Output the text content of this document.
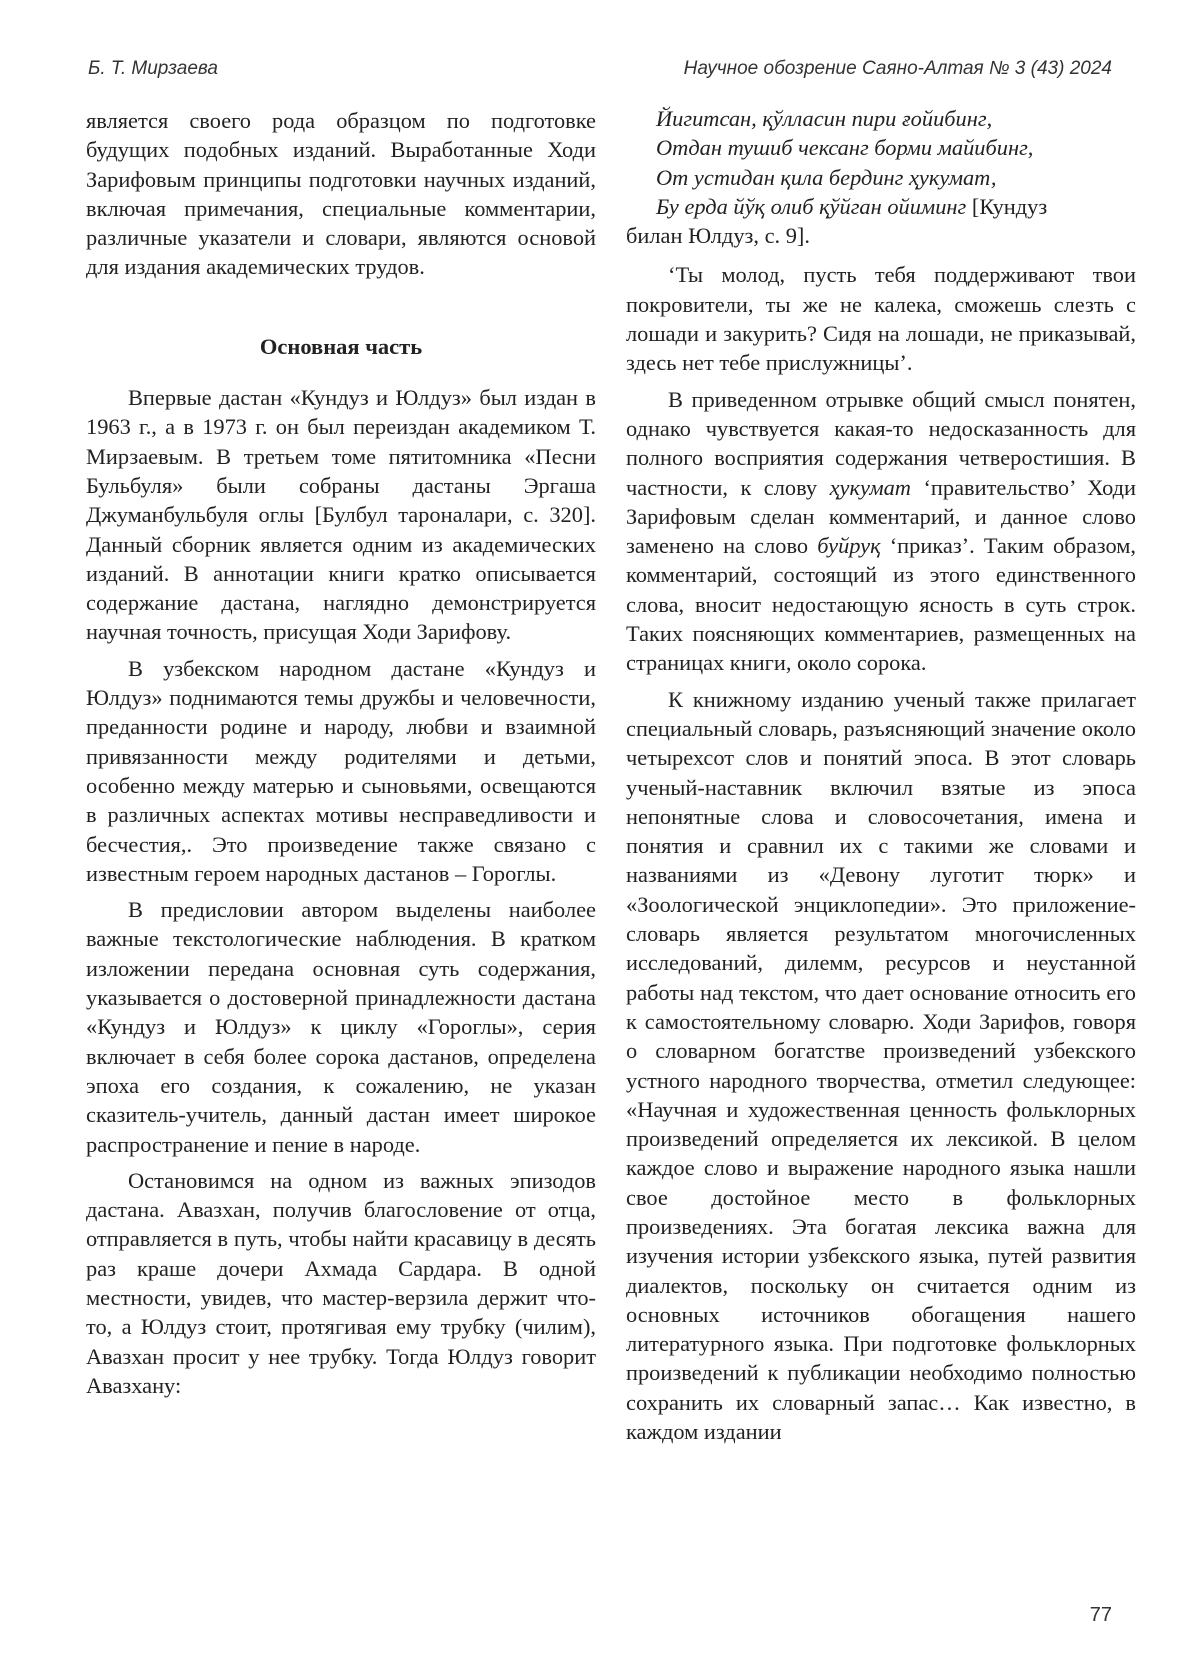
Б. Т. Мирзаева	Научное обозрение Саяно-Алтая № 3 (43) 2024

является своего рода образцом по подготовке будущих подобных изданий. Выработанные Ходи Зарифовым принципы подготовки научных изданий, включая примечания, специальные комментарии, различные указатели и словари, являются основой для издания академических трудов.

Основная часть

Впервые дастан «Кундуз и Юлдуз» был издан в 1963 г., а в 1973 г. он был переиздан академиком Т. Мирзаевым. В третьем томе пятитомника «Песни Бульбуля» были собраны дастаны Эргаша Джуманбульбуля оглы [Булбул тароналари, с. 320]. Данный сборник является одним из академических изданий. В аннотации книги кратко описывается содержание дастана, наглядно демонстрируется научная точность, присущая Ходи Зарифову.

В узбекском народном дастане «Кундуз и Юлдуз» поднимаются темы дружбы и человечности, преданности родине и народу, любви и взаимной привязанности между родителями и детьми, особенно между матерью и сыновьями, освещаются в различных аспектах мотивы несправедливости и бесчестия,. Это произведение также связано с известным героем народных дастанов – Гороглы.

В предисловии автором выделены наиболее важные текстологические наблюдения. В кратком изложении передана основная суть содержания, указывается о достоверной принадлежности дастана «Кундуз и Юлдуз» к циклу «Гороглы», серия включает в себя более сорока дастанов, определена эпоха его создания, к сожалению, не указан сказитель-учитель, данный дастан имеет широкое распространение и пение в народе.

Остановимся на одном из важных эпизодов дастана. Авазхан, получив благословение от отца, отправляется в путь, чтобы найти красавицу в десять раз краше дочери Ахмада Сардара. В одной местности, увидев, что мастер-верзила держит что-то, а Юлдуз стоит, протягивая ему трубку (чилим), Авазхан просит у нее трубку. Тогда Юлдуз говорит Авазхану:

Йигитсан, қўлласин пири ғойибинг,
Отдан тушиб чексанг борми майибинг,
От устидан қила бердинг ҳукумат,
Бу ерда йўқ олиб қўйган ойиминг [Кундуз
билан Юлдуз, с. 9].

‘Ты молод, пусть тебя поддерживают твои покровители, ты же не калека, сможешь слезть с лошади и закурить? Сидя на лошади, не приказывай, здесь нет тебе прислужницы’.

В приведенном отрывке общий смысл понятен, однако чувствуется какая-то недосказанность для полного восприятия содержания четверостишия. В частности, к слову ҳукумат ‘правительство’ Ходи Зарифовым сделан комментарий, и данное слово заменено на слово буйруқ ‘приказ’. Таким образом, комментарий, состоящий из этого единственного слова, вносит недостающую ясность в суть строк. Таких поясняющих комментариев, размещенных на страницах книги, около сорока.

К книжному изданию ученый также прилагает специальный словарь, разъясняющий значение около четырехсот слов и понятий эпоса. В этот словарь ученый-наставник включил взятые из эпоса непонятные слова и словосочетания, имена и понятия и сравнил их с такими же словами и названиями из «Девону луготит тюрк» и «Зоологической энциклопедии». Это приложение-словарь является результатом многочисленных исследований, дилемм, ресурсов и неустанной работы над текстом, что дает основание относить его к самостоятельному словарю. Ходи Зарифов, говоря о словарном богатстве произведений узбекского устного народного творчества, отметил следующее: «Научная и художественная ценность фольклорных произведений определяется их лексикой. В целом каждое слово и выражение народного языка нашли свое достойное место в фольклорных произведениях. Эта богатая лексика важна для изучения истории узбекского языка, путей развития диалектов, поскольку он считается одним из основных источников обогащения нашего литературного языка. При подготовке фольклорных произведений к публикации необходимо полностью сохранить их словарный запас… Как известно, в каждом издании

77
